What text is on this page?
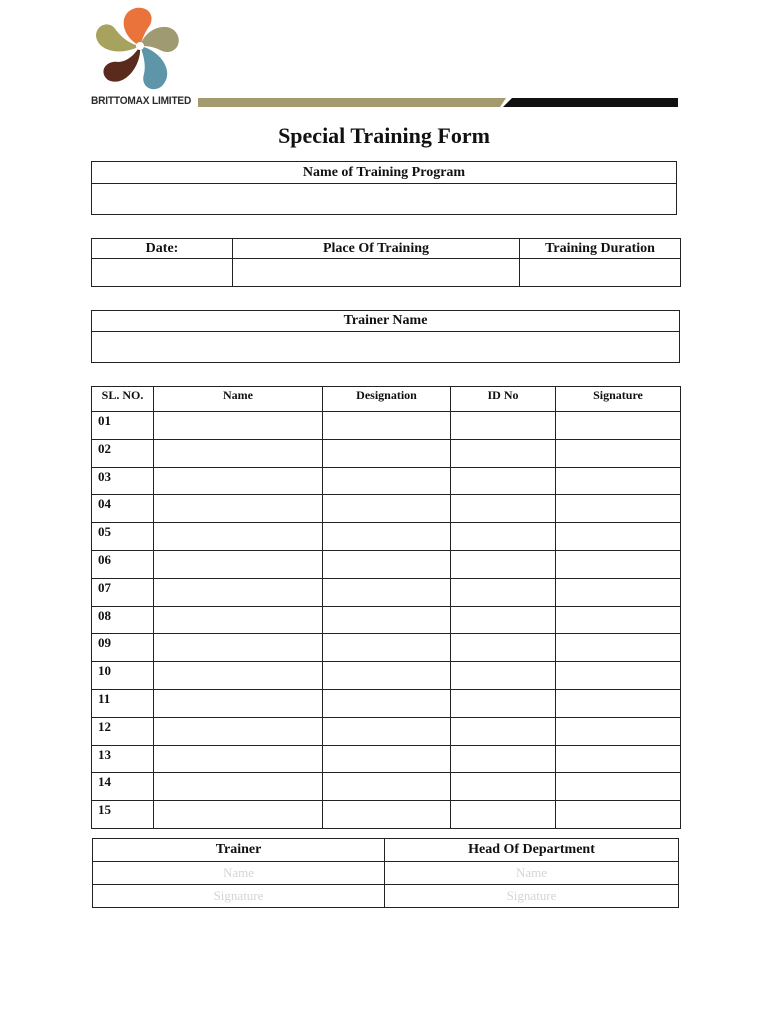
BRITTOMAX LIMITED
Special Training Form
Name of Training Program

Date:	Place Of Training	Training Duration

Trainer Name

SL. NO.	Name	Designation	ID No	Signature
01				
02				
03				
04				
05				
06				
07				
08				
09				
10				
11				
12				
13				
14				
15				
Trainer	Head Of Department
Name	Name
Signature	Signature
